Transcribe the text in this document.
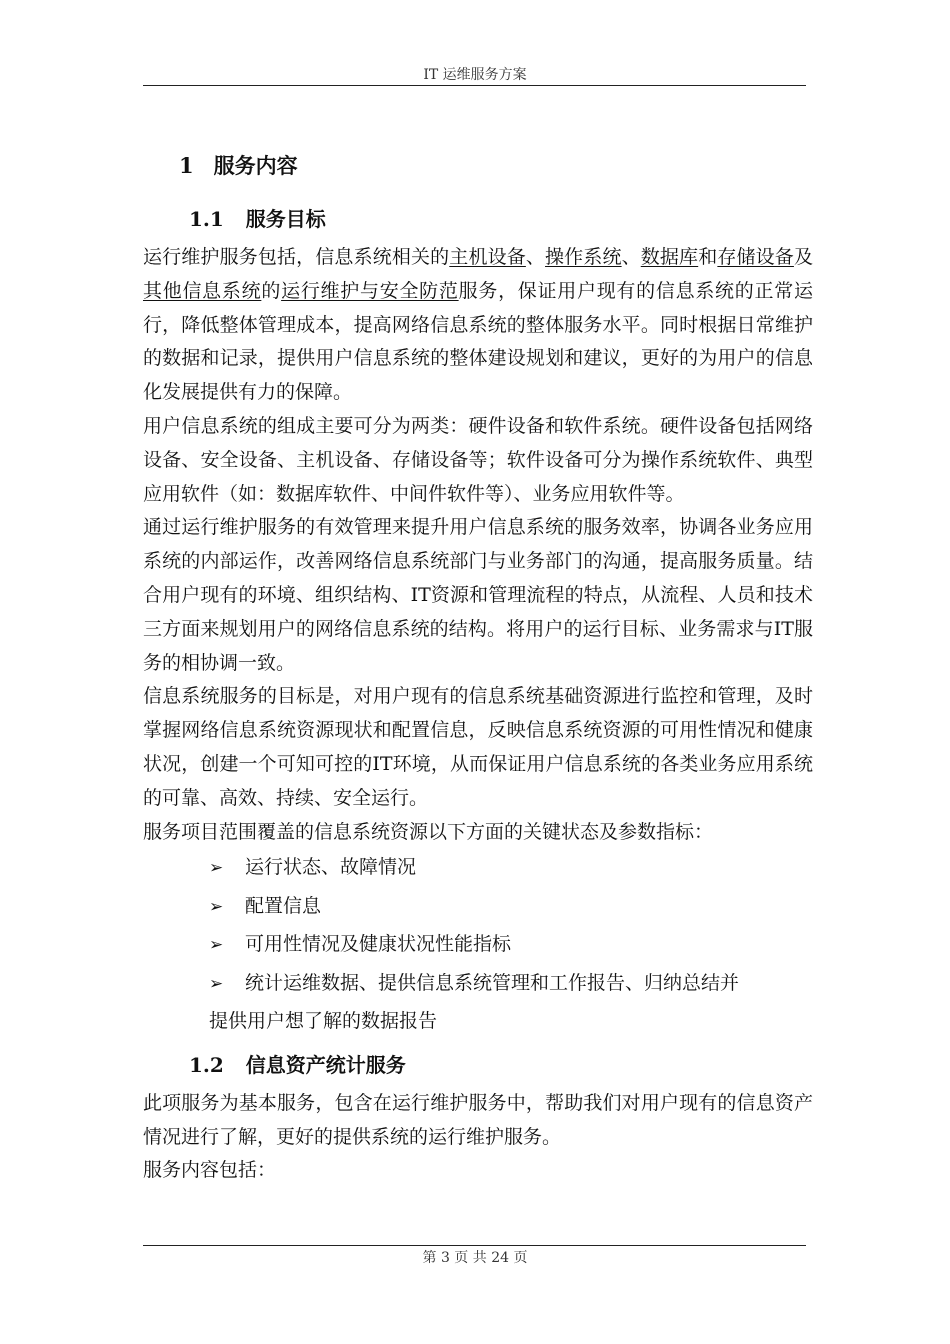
IT 运维服务方案
1 服务内容
1.1 服务目标

运行维护服务包括，信息系统相关的主机设备、操作系统、数据库和存储设备及其他信息系统的运行维护与安全防范服务，保证用户现有的信息系统的正常运行，降低整体管理成本，提高网络信息系统的整体服务水平。同时根据日常维护的数据和记录，提供用户信息系统的整体建设规划和建议，更好的为用户的信息化发展提供有力的保障。

用户信息系统的组成主要可分为两类：硬件设备和软件系统。硬件设备包括网络设备、安全设备、主机设备、存储设备等；软件设备可分为操作系统软件、典型应用软件（如：数据库软件、中间件软件等）、业务应用软件等。

通过运行维护服务的有效管理来提升用户信息系统的服务效率，协调各业务应用系统的内部运作，改善网络信息系统部门与业务部门的沟通，提高服务质量。结合用户现有的环境、组织结构、IT资源和管理流程的特点，从流程、人员和技术三方面来规划用户的网络信息系统的结构。将用户的运行目标、业务需求与IT服务的相协调一致。

信息系统服务的目标是，对用户现有的信息系统基础资源进行监控和管理，及时掌握网络信息系统资源现状和配置信息，反映信息系统资源的可用性情况和健康状况，创建一个可知可控的IT环境，从而保证用户信息系统的各类业务应用系统的可靠、高效、持续、安全运行。

服务项目范围覆盖的信息系统资源以下方面的关键状态及参数指标：

➢ 运行状态、故障情况
➢ 配置信息
➢ 可用性情况及健康状况性能指标
➢ 统计运维数据、提供信息系统管理和工作报告、归纳总结并
提供用户想了解的数据报告
1.2 信息资产统计服务

此项服务为基本服务，包含在运行维护服务中，帮助我们对用户现有的信息资产情况进行了解，更好的提供系统的运行维护服务。

服务内容包括：

第 3 页 共 24 页
